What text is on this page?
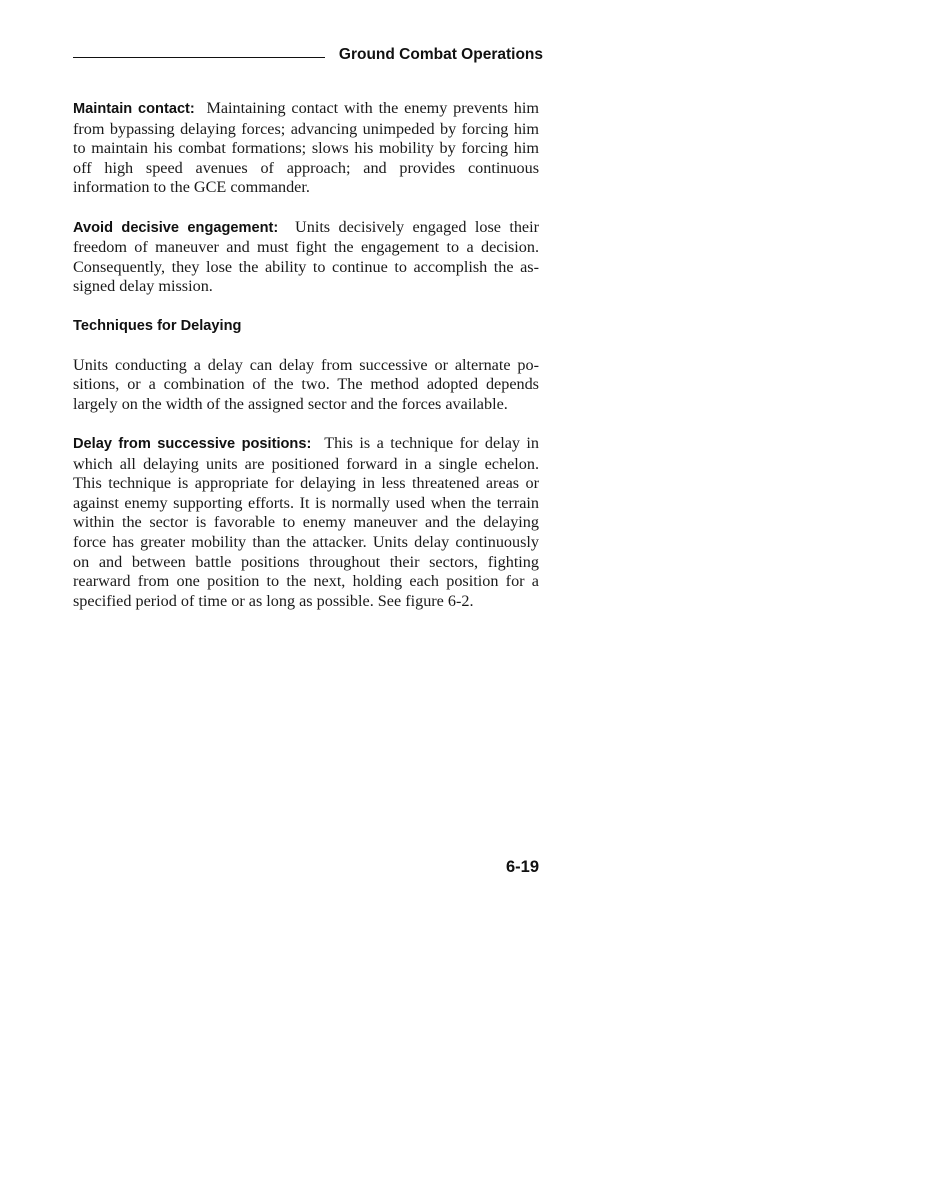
Ground Combat Operations

Maintain contact: Maintaining contact with the enemy prevents him from bypassing delaying forces; advancing unimpeded by forcing him to maintain his combat formations; slows his mobility by forcing him off high speed avenues of approach; and provides continuous information to the GCE commander.

Avoid decisive engagement: Units decisively engaged lose their freedom of maneuver and must fight the engagement to a decision. Consequently, they lose the ability to continue to accomplish the assigned delay mission.

Techniques for Delaying

Units conducting a delay can delay from successive or alternate positions, or a combination of the two. The method adopted depends largely on the width of the assigned sector and the forces available.

Delay from successive positions: This is a technique for delay in which all delaying units are positioned forward in a single echelon. This technique is appropriate for delaying in less threatened areas or against enemy supporting efforts. It is normally used when the terrain within the sector is favorable to enemy maneuver and the delaying force has greater mobility than the attacker. Units delay continuously on and between battle positions throughout their sectors, fighting rearward from one position to the next, holding each position for a specified period of time or as long as possible. See figure 6-2.

6-19
